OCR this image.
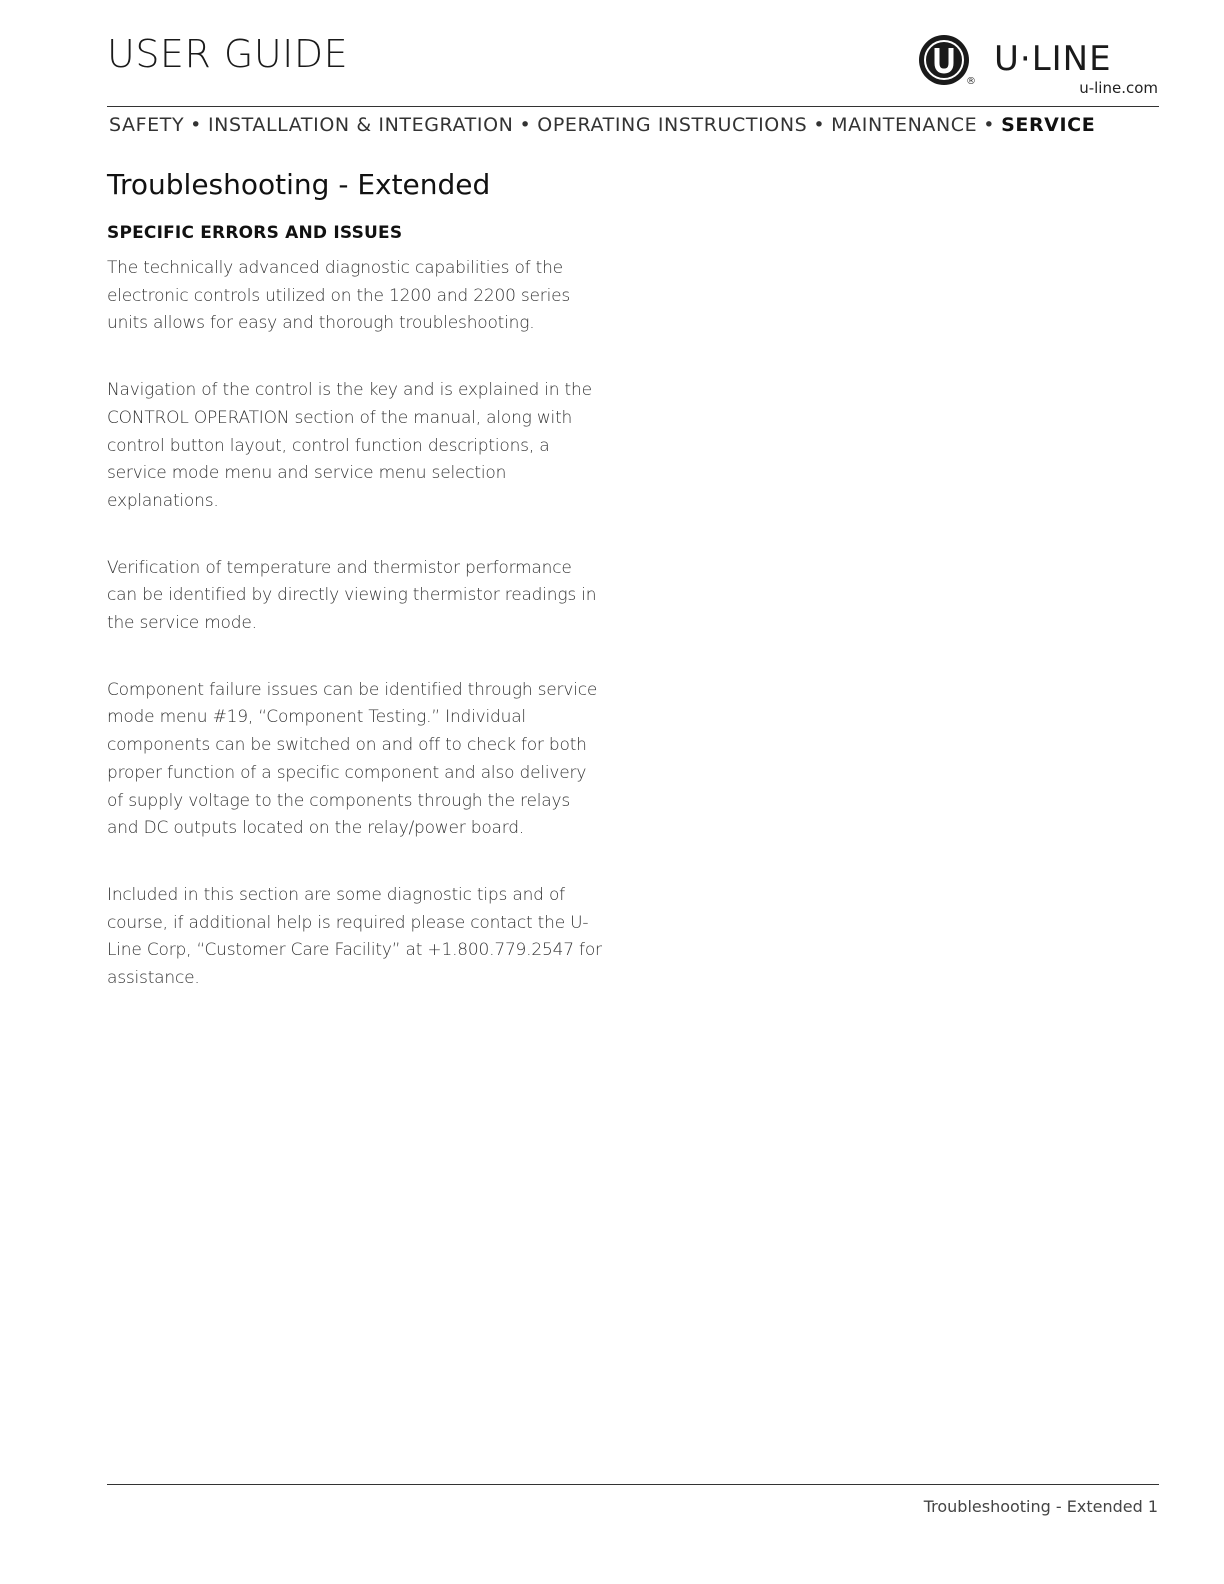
USER GUIDE
®
U·LINE
u-line.com
SAFETY • INSTALLATION & INTEGRATION • OPERATING INSTRUCTIONS • MAINTENANCE • SERVICE
Troubleshooting - Extended
SPECIFIC ERRORS AND ISSUES

The technically advanced diagnostic capabilities of the electronic controls utilized on the 1200 and 2200 series units allows for easy and thorough troubleshooting.

Navigation of the control is the key and is explained in the CONTROL OPERATION section of the manual, along with control button layout, control function descriptions, a service mode menu and service menu selection explanations.

Verification of temperature and thermistor performance can be identified by directly viewing thermistor readings in the service mode.

Component failure issues can be identified through service mode menu #19, “Component Testing.” Individual components can be switched on and off to check for both proper function of a specific component and also delivery of supply voltage to the components through the relays and DC outputs located on the relay/power board.

Included in this section are some diagnostic tips and of course, if additional help is required please contact the U-Line Corp, “Customer Care Facility” at +1.800.779.2547 for assistance.

Troubleshooting - Extended 1
